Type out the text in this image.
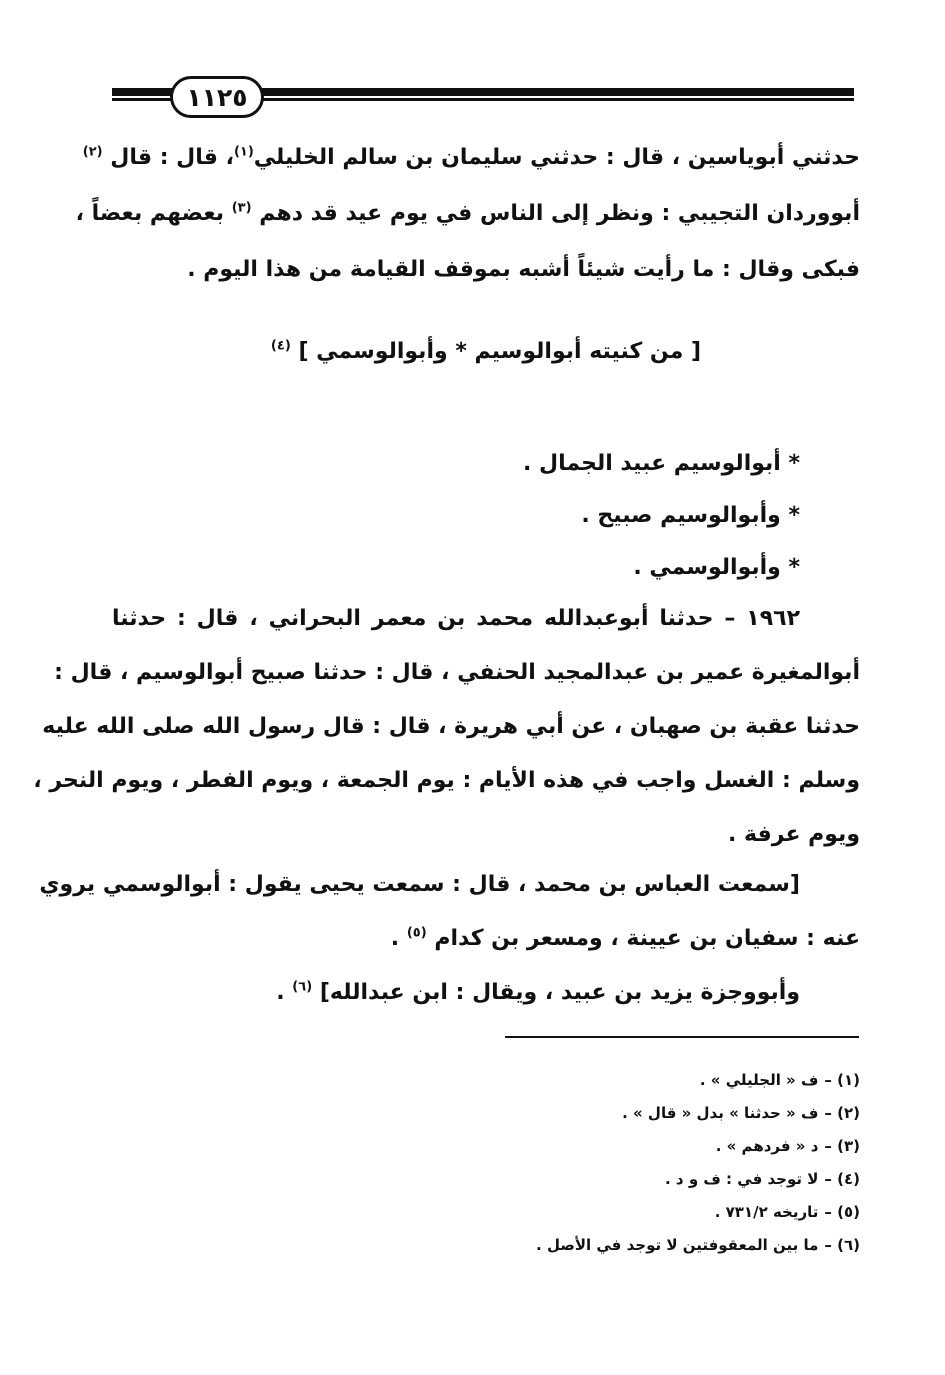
١١٢٥
حدثني أبوياسين ، قال : حدثني سليمان بن سالم الخليلي$^{(١)}$، قال : قال $^{(٢)}$
أبووردان التجيبي : ونظر إلى الناس في يوم عيد قد دهم $^{(٣)}$ بعضهم بعضاً ،
فبكى وقال : ما رأيت شيئاً أشبه بموقف القيامة من هذا اليوم .
[ من كنيته أبوالوسيم * وأبوالوسمي ] $^{(٤)}$
* أبوالوسيم عبيد الجمال .
* وأبوالوسيم صبيح .
* وأبوالوسمي .
١٩٦٢ – حدثنا أبوعبدالله محمد بن معمر البحراني ، قال : حدثنا
أبوالمغيرة عمير بن عبدالمجيد الحنفي ، قال : حدثنا صبيح أبوالوسيم ، قال :
حدثنا عقبة بن صهبان ، عن أبي هريرة ، قال : قال رسول الله صلى الله عليه
وسلم : الغسل واجب في هذه الأيام : يوم الجمعة ، ويوم الفطر ، ويوم النحر ،
ويوم عرفة .
[سمعت العباس بن محمد ، قال : سمعت يحيى يقول : أبوالوسمي يروي
عنه : سفيان بن عيينة ، ومسعر بن كدام $^{(٥)}$ .
وأبووجزة يزيد بن عبيد ، ويقال : ابن عبدالله] $^{(٦)}$ .
(١) –ف « الجليلي » .
(٢) –ف « حدثنا » بدل « قال » .
(٣) –د « فردهم » .
(٤) –لا توجد في : ف و د .
(٥) –تاريخه ٧٣١/٢ .
(٦) –ما بين المعقوفتين لا توجد في الأصل .
